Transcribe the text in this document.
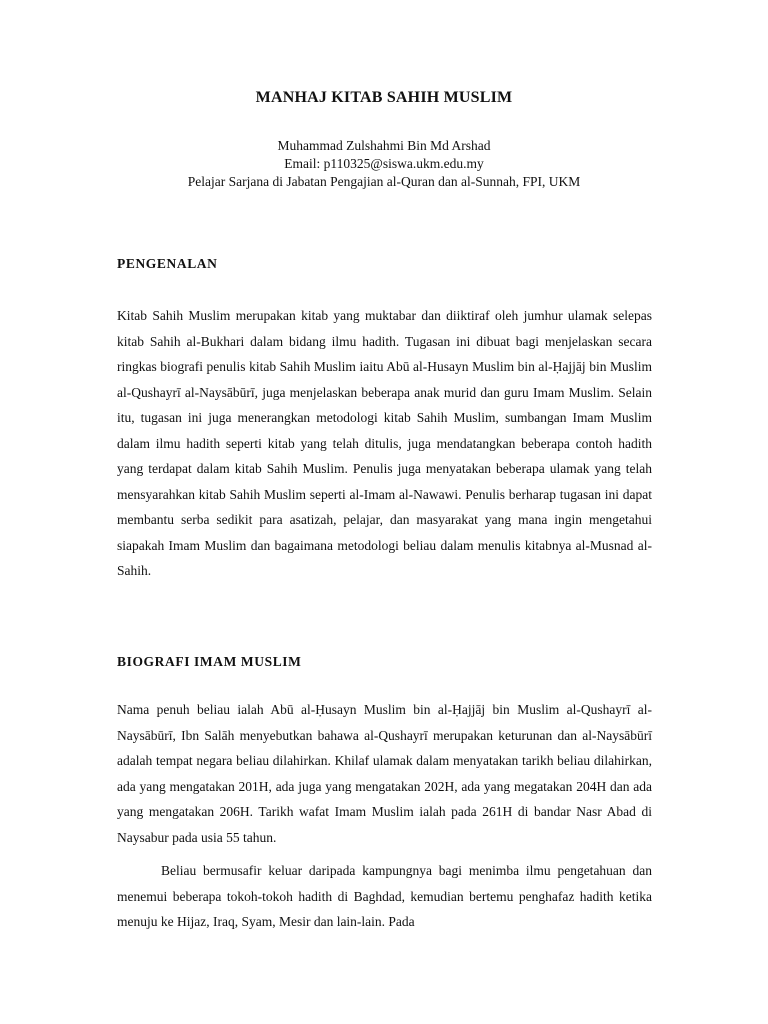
MANHAJ KITAB SAHIH MUSLIM
Muhammad Zulshahmi Bin Md Arshad
Email: p110325@siswa.ukm.edu.my
Pelajar Sarjana di Jabatan Pengajian al-Quran dan al-Sunnah, FPI, UKM
PENGENALAN

Kitab Sahih Muslim merupakan kitab yang muktabar dan diiktiraf oleh jumhur ulamak selepas kitab Sahih al-Bukhari dalam bidang ilmu hadith. Tugasan ini dibuat bagi menjelaskan secara ringkas biografi penulis kitab Sahih Muslim iaitu Abū al-Husayn Muslim bin al-Ḥajjāj bin Muslim al-Qushayrī al-Naysābūrī, juga menjelaskan beberapa anak murid dan guru Imam Muslim. Selain itu, tugasan ini juga menerangkan metodologi kitab Sahih Muslim, sumbangan Imam Muslim dalam ilmu hadith seperti kitab yang telah ditulis, juga mendatangkan beberapa contoh hadith yang terdapat dalam kitab Sahih Muslim. Penulis juga menyatakan beberapa ulamak yang telah mensyarahkan kitab Sahih Muslim seperti al-Imam al-Nawawi. Penulis berharap tugasan ini dapat membantu serba sedikit para asatizah, pelajar, dan masyarakat yang mana ingin mengetahui siapakah Imam Muslim dan bagaimana metodologi beliau dalam menulis kitabnya al-Musnad al-Sahih.

BIOGRAFI IMAM MUSLIM

Nama penuh beliau ialah Abū al-Ḥusayn Muslim bin al-Ḥajjāj bin Muslim al-Qushayrī al-Naysābūrī, Ibn Salāh menyebutkan bahawa al-Qushayrī merupakan keturunan dan al-Naysābūrī adalah tempat negara beliau dilahirkan. Khilaf ulamak dalam menyatakan tarikh beliau dilahirkan, ada yang mengatakan 201H, ada juga yang mengatakan 202H, ada yang megatakan 204H dan ada yang mengatakan 206H. Tarikh wafat Imam Muslim ialah pada 261H di bandar Nasr Abad di Naysabur pada usia 55 tahun.

Beliau bermusafir keluar daripada kampungnya bagi menimba ilmu pengetahuan dan menemui beberapa tokoh-tokoh hadith di Baghdad, kemudian bertemu penghafaz hadith ketika menuju ke Hijaz, Iraq, Syam, Mesir dan lain-lain. Pada
